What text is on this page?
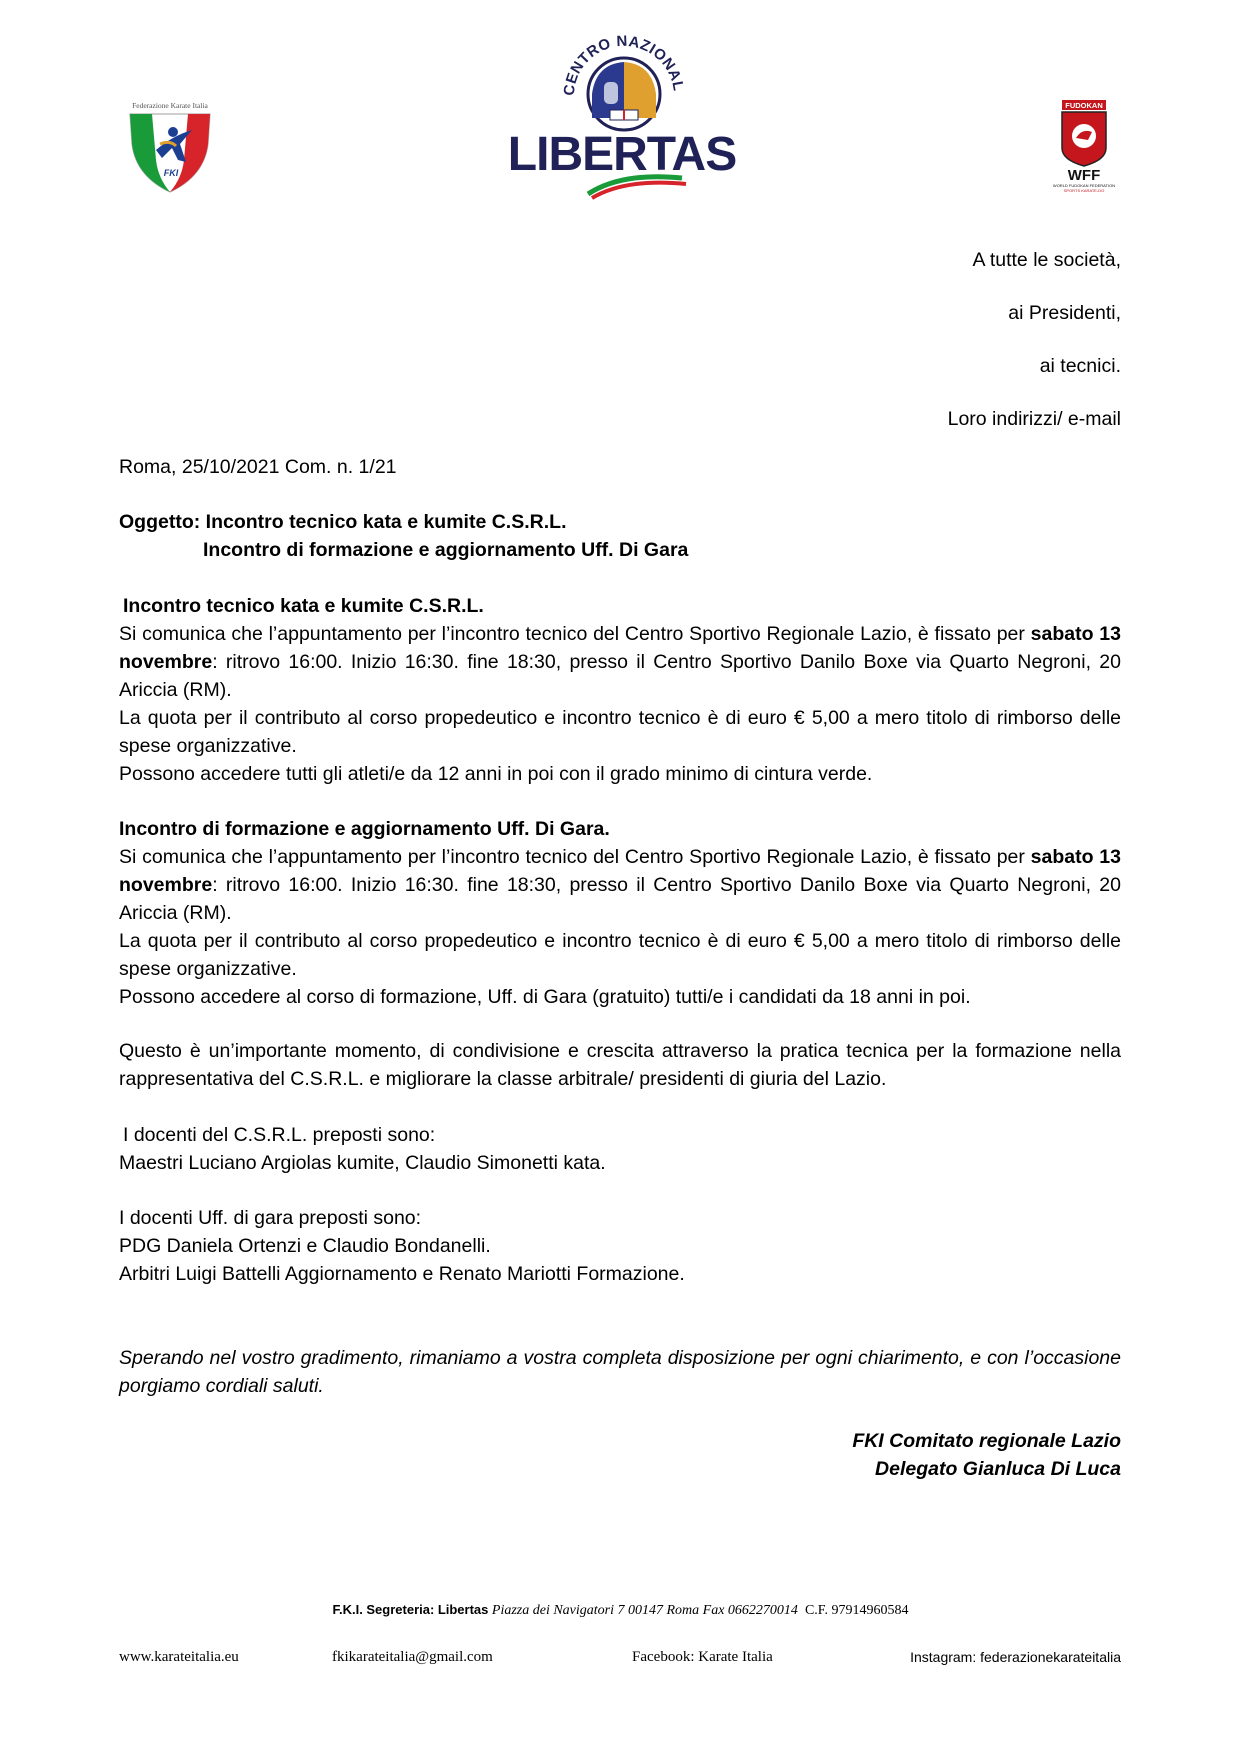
Federazione Karate Italia
FKI
CENTRO NAZIONAL
LIBERTAS
FUDOKAN
WFF
WORLD FUDOKAN FEDERATION
SPORTS KARATE-DO
A tutte le società,
ai Presidenti,
ai tecnici.
Loro indirizzi/ e-mail
Roma, 25/10/2021 Com. n. 1/21
Oggetto: Incontro tecnico kata e kumite C.S.R.L.
Incontro di formazione e aggiornamento Uff. Di Gara
Incontro tecnico kata e kumite C.S.R.L.
Si comunica che l’appuntamento per l’incontro tecnico del Centro Sportivo Regionale Lazio, è fissato per sabato 13 novembre: ritrovo 16:00. Inizio 16:30. fine 18:30, presso il Centro Sportivo Danilo Boxe via Quarto Negroni, 20 Ariccia (RM).
La quota per il contributo al corso propedeutico e incontro tecnico è di euro € 5,00 a mero titolo di rimborso delle spese organizzative.
Possono accedere tutti gli atleti/e da 12 anni in poi con il grado minimo di cintura verde.
Incontro di formazione e aggiornamento Uff. Di Gara.
Si comunica che l’appuntamento per l’incontro tecnico del Centro Sportivo Regionale Lazio, è fissato per sabato 13 novembre: ritrovo 16:00. Inizio 16:30. fine 18:30, presso il Centro Sportivo Danilo Boxe via Quarto Negroni, 20 Ariccia (RM).
La quota per il contributo al corso propedeutico e incontro tecnico è di euro € 5,00 a mero titolo di rimborso delle spese organizzative.
Possono accedere al corso di formazione, Uff. di Gara (gratuito) tutti/e i candidati da 18 anni in poi.
Questo è un’importante momento, di condivisione e crescita attraverso la pratica tecnica per la formazione nella rappresentativa del C.S.R.L. e migliorare la classe arbitrale/ presidenti di giuria del Lazio.
I docenti del C.S.R.L. preposti sono:
Maestri Luciano Argiolas kumite, Claudio Simonetti kata.
I docenti Uff. di gara preposti sono:
PDG Daniela Ortenzi e Claudio Bondanelli.
Arbitri Luigi Battelli Aggiornamento e Renato Mariotti Formazione.
Sperando nel vostro gradimento, rimaniamo a vostra completa disposizione per ogni chiarimento, e con l’occasione porgiamo cordiali saluti.
FKI Comitato regionale Lazio
Delegato Gianluca Di Luca
F.K.I. Segreteria: Libertas Piazza dei Navigatori 7 00147 Roma Fax 0662270014 C.F. 97914960584
www.karateitalia.eu	fkikarateitalia@gmail.com	Facebook: Karate Italia	Instagram: federazionekarateitalia
